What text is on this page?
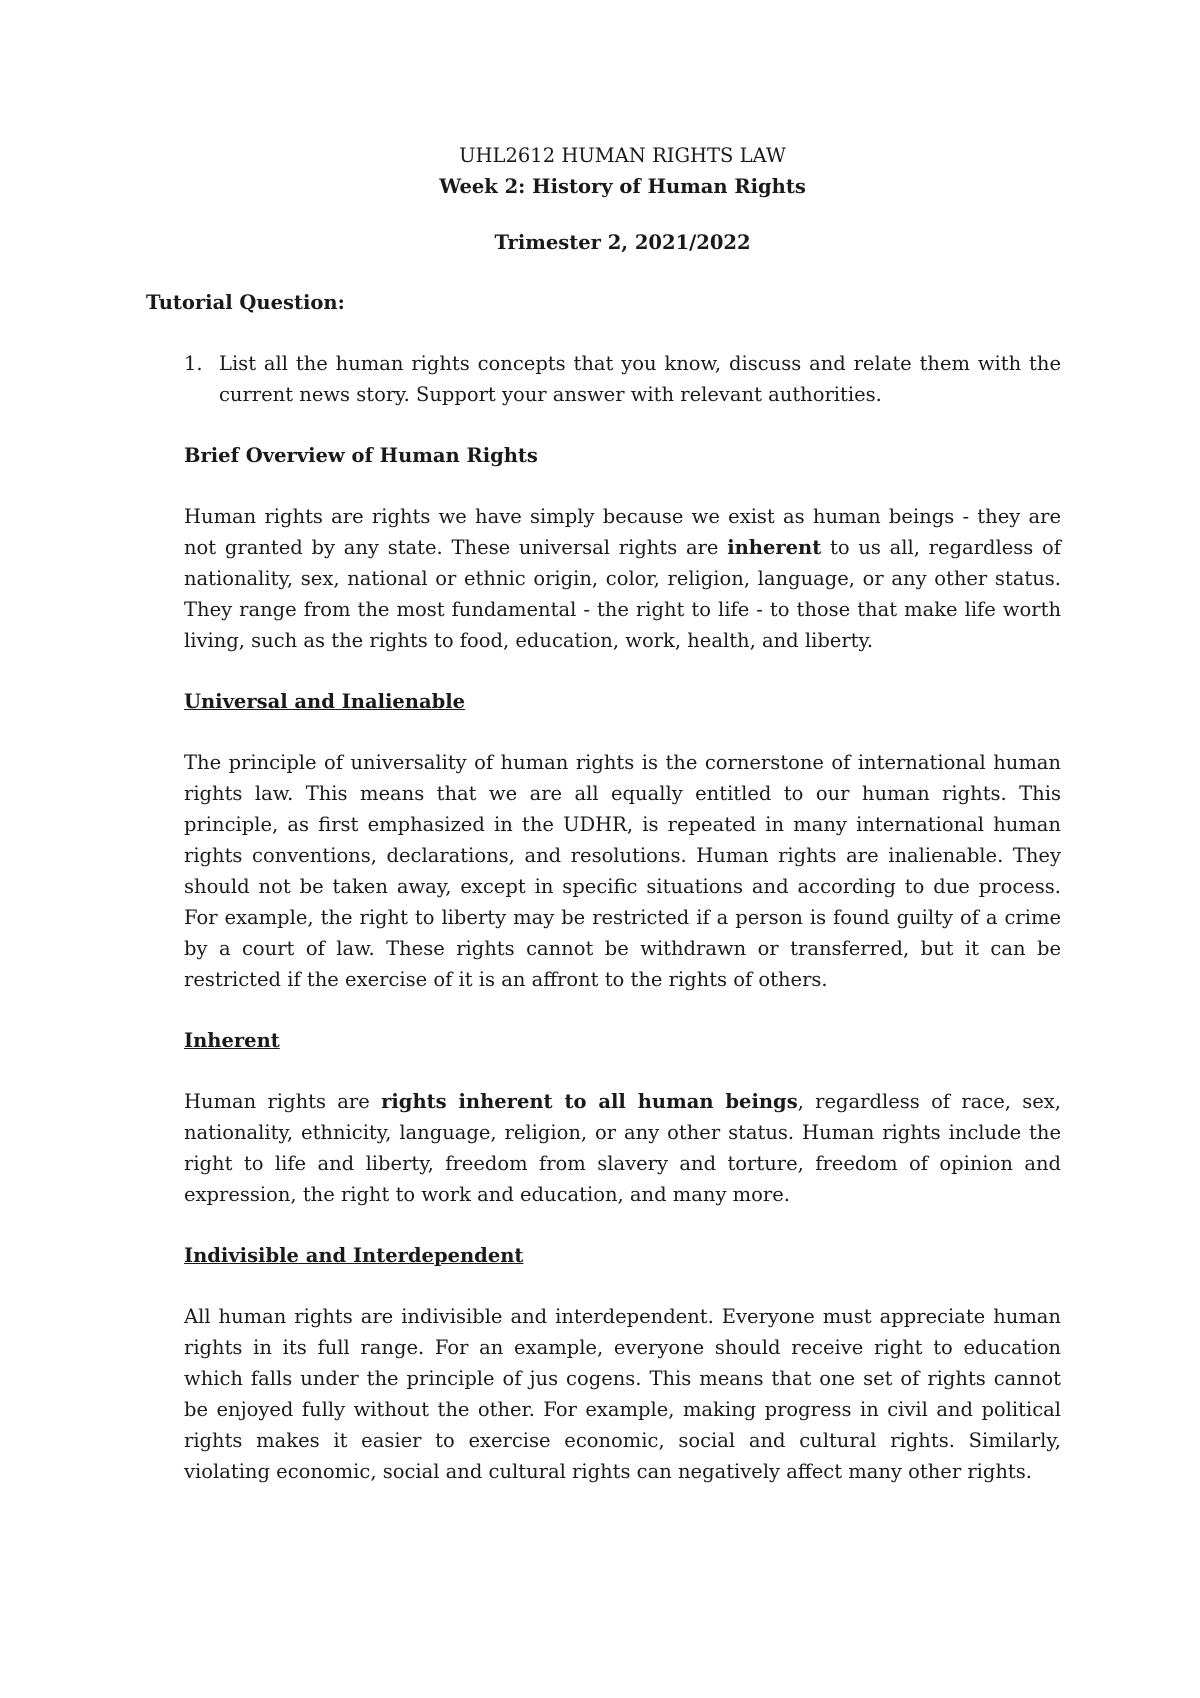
UHL2612 HUMAN RIGHTS LAW

Week 2: History of Human Rights

Trimester 2, 2021/2022

Tutorial Question:

1. List all the human rights concepts that you know, discuss and relate them with the current news story. Support your answer with relevant authorities.

Brief Overview of Human Rights

Human rights are rights we have simply because we exist as human beings - they are not granted by any state. These universal rights are inherent to us all, regardless of nationality, sex, national or ethnic origin, color, religion, language, or any other status. They range from the most fundamental - the right to life - to those that make life worth living, such as the rights to food, education, work, health, and liberty.

Universal and Inalienable

The principle of universality of human rights is the cornerstone of international human rights law. This means that we are all equally entitled to our human rights. This principle, as first emphasized in the UDHR, is repeated in many international human rights conventions, declarations, and resolutions. Human rights are inalienable. They should not be taken away, except in specific situations and according to due process. For example, the right to liberty may be restricted if a person is found guilty of a crime by a court of law. These rights cannot be withdrawn or transferred, but it can be restricted if the exercise of it is an affront to the rights of others.

Inherent

Human rights are rights inherent to all human beings, regardless of race, sex, nationality, ethnicity, language, religion, or any other status. Human rights include the right to life and liberty, freedom from slavery and torture, freedom of opinion and expression, the right to work and education, and many more.

Indivisible and Interdependent

All human rights are indivisible and interdependent. Everyone must appreciate human rights in its full range. For an example, everyone should receive right to education which falls under the principle of jus cogens. This means that one set of rights cannot be enjoyed fully without the other. For example, making progress in civil and political rights makes it easier to exercise economic, social and cultural rights. Similarly, violating economic, social and cultural rights can negatively affect many other rights.
